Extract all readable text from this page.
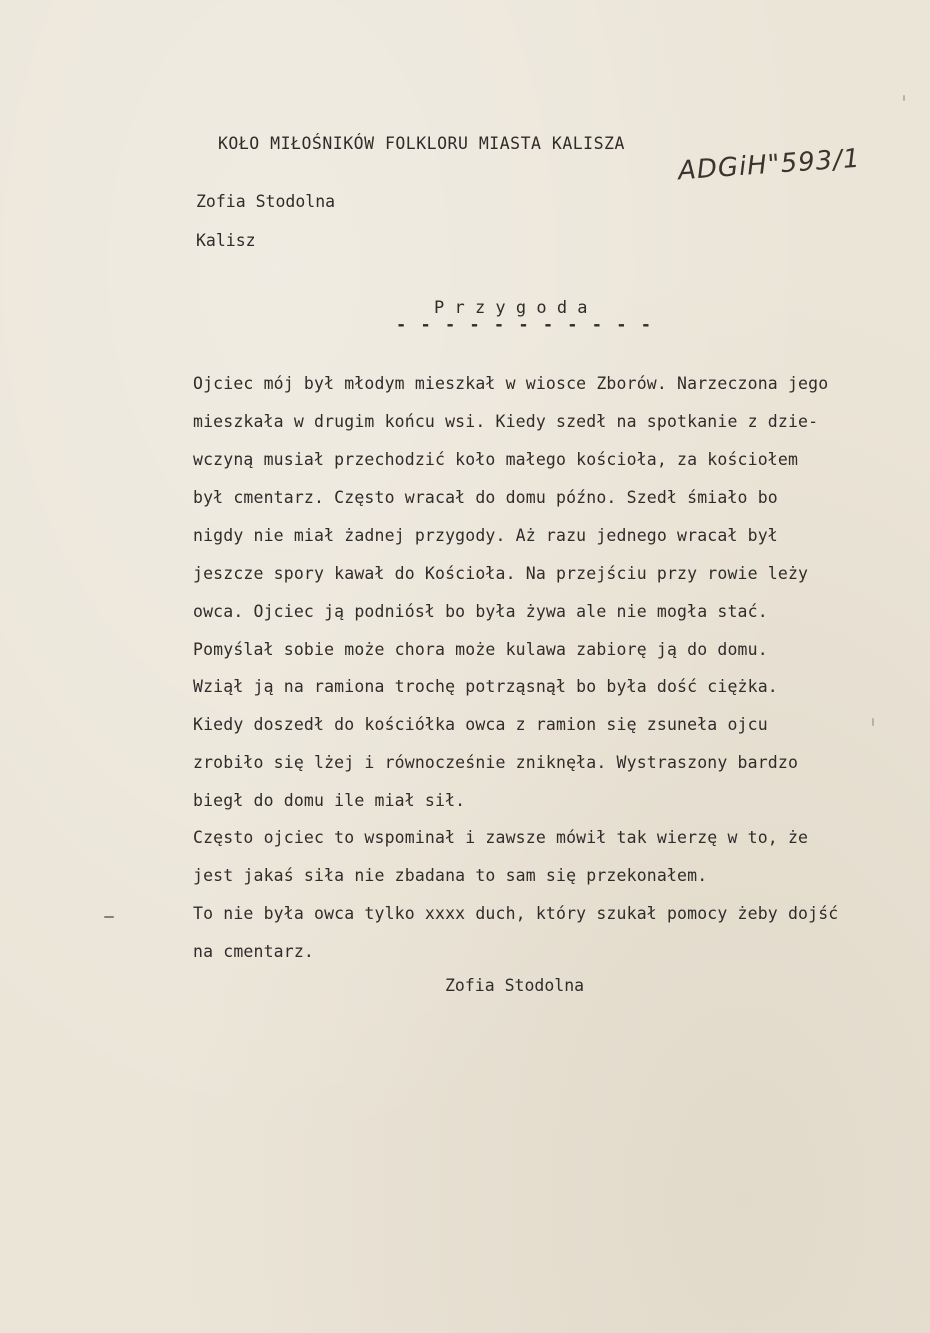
KOŁO MIŁOŚNIKÓW FOLKLORU MIASTA KALISZA
ADGiH"593/1
Zofia Stodolna
Kalisz
P r z y g o d a
- - - - - - - - - - -
Ojciec mój był młodym mieszkał w wiosce Zborów. Narzeczona jego
mieszkała w drugim końcu wsi. Kiedy szedł na spotkanie z dzie-
wczyną musiał przechodzić koło małego kościoła, za kościołem
był cmentarz. Często wracał do domu późno. Szedł śmiało bo
nigdy nie miał żadnej przygody. Aż razu jednego wracał był
jeszcze spory kawał do Kościoła. Na przejściu przy rowie leży
owca. Ojciec ją podniósł bo była żywa ale nie mogła stać.
Pomyślał sobie może chora może kulawa zabiorę ją do domu.
Wziął ją na ramiona trochę potrząsnął bo była dość ciężka.
Kiedy doszedł do kościółka owca z ramion się zsuneła ojcu
zrobiło się lżej i równocześnie zniknęła. Wystraszony bardzo
biegł do domu ile miał sił.
Często ojciec to wspominał i zawsze mówił tak wierzę w to, że
jest jakaś siła nie zbadana to sam się przekonałem.
To nie była owca tylko xxxx duch, który szukał pomocy żeby dojść
na cmentarz.
Zofia Stodolna
